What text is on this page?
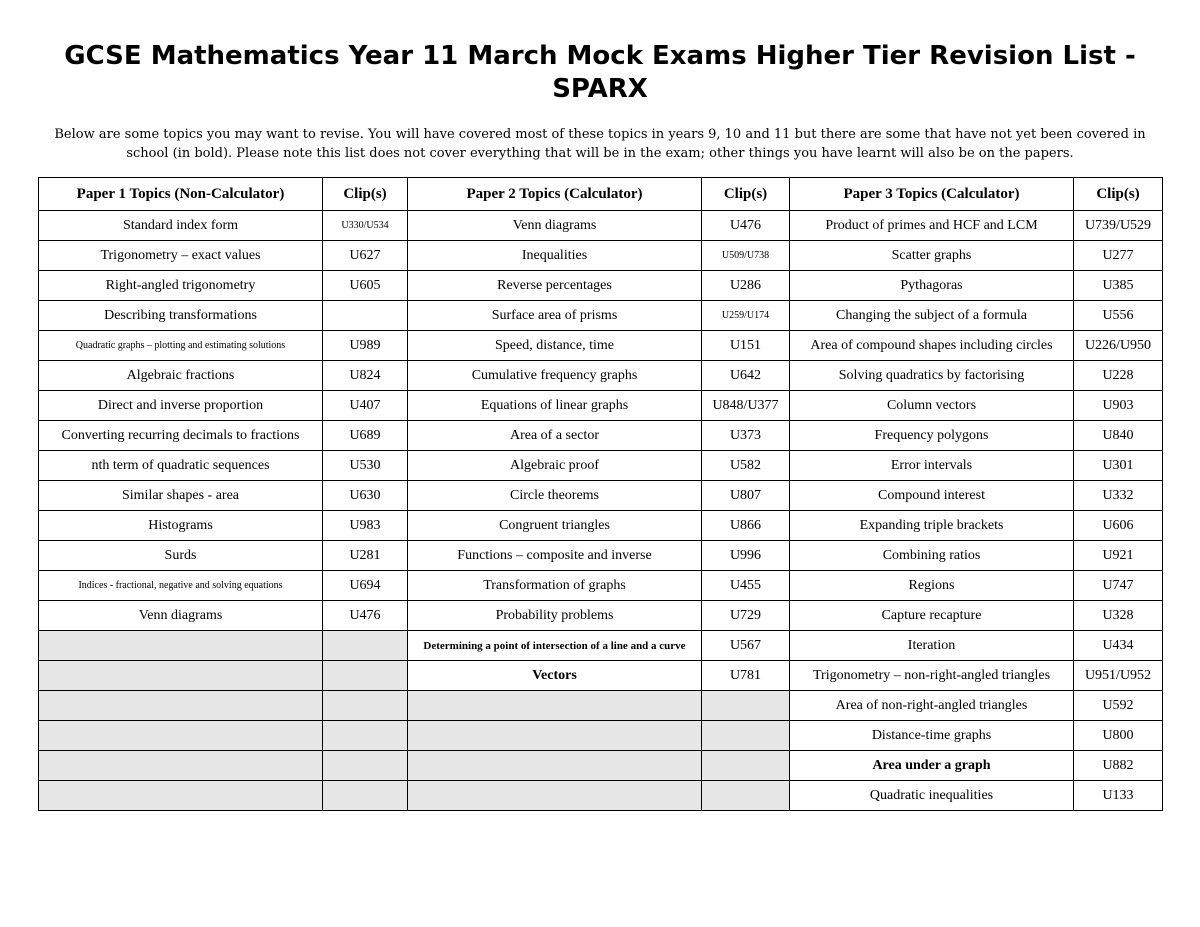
GCSE Mathematics Year 11 March Mock Exams Higher Tier Revision List - SPARX

Below are some topics you may want to revise. You will have covered most of these topics in years 9, 10 and 11 but there are some that have not yet been covered in school (in bold). Please note this list does not cover everything that will be in the exam; other things you have learnt will also be on the papers.

Paper 1 Topics (Non-Calculator)	Clip(s)	Paper 2 Topics (Calculator)	Clip(s)	Paper 3 Topics (Calculator)	Clip(s)
Standard index form	U330/U534	Venn diagrams	U476	Product of primes and HCF and LCM	U739/U529
Trigonometry – exact values	U627	Inequalities	U509/U738	Scatter graphs	U277
Right-angled trigonometry	U605	Reverse percentages	U286	Pythagoras	U385
Describing transformations		Surface area of prisms	U259/U174	Changing the subject of a formula	U556
Quadratic graphs – plotting and estimating solutions	U989	Speed, distance, time	U151	Area of compound shapes including circles	U226/U950
Algebraic fractions	U824	Cumulative frequency graphs	U642	Solving quadratics by factorising	U228
Direct and inverse proportion	U407	Equations of linear graphs	U848/U377	Column vectors	U903
Converting recurring decimals to fractions	U689	Area of a sector	U373	Frequency polygons	U840
nth term of quadratic sequences	U530	Algebraic proof	U582	Error intervals	U301
Similar shapes - area	U630	Circle theorems	U807	Compound interest	U332
Histograms	U983	Congruent triangles	U866	Expanding triple brackets	U606
Surds	U281	Functions – composite and inverse	U996	Combining ratios	U921
Indices - fractional, negative and solving equations	U694	Transformation of graphs	U455	Regions	U747
Venn diagrams	U476	Probability problems	U729	Capture recapture	U328
		Determining a point of intersection of a line and a curve	U567	Iteration	U434
		Vectors	U781	Trigonometry – non-right-angled triangles	U951/U952
				Area of non-right-angled triangles	U592
				Distance-time graphs	U800
				Area under a graph	U882
				Quadratic inequalities	U133
